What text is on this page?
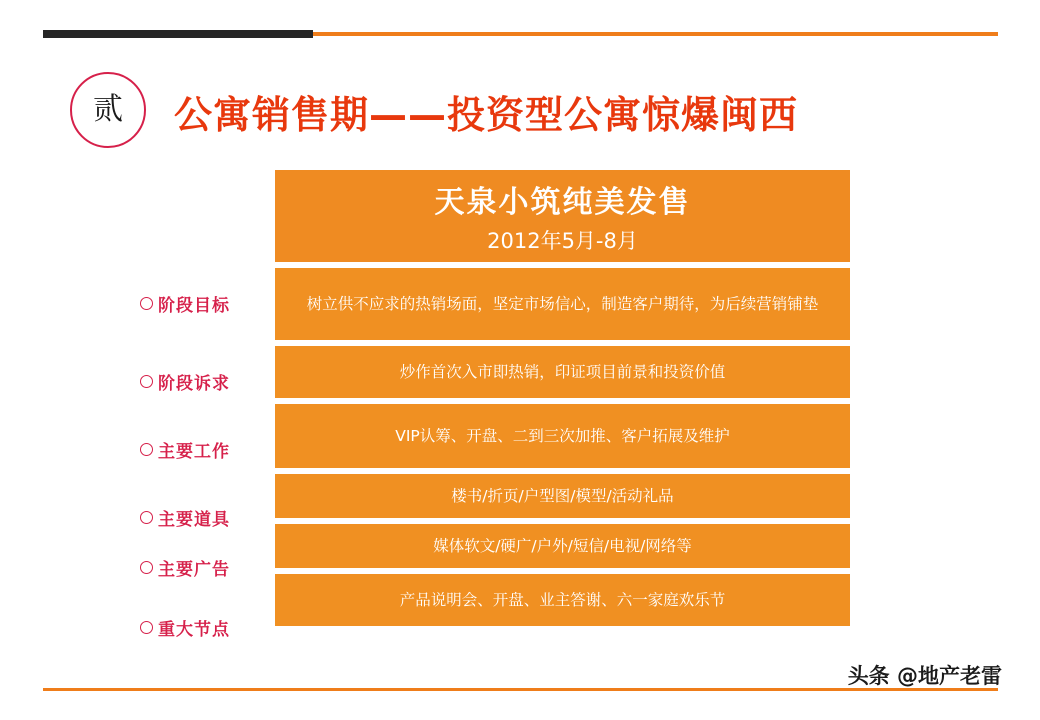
贰 公寓销售期——投资型公寓惊爆闽西
阶段目标
阶段诉求
主要工作
主要道具
主要广告
重大节点
天泉小筑纯美发售
2012年5月-8月
树立供不应求的热销场面，坚定市场信心，制造客户期待，为后续营销铺垫
炒作首次入市即热销，印证项目前景和投资价值
VIP认筹、开盘、二到三次加推、客户拓展及维护
楼书/折页/户型图/模型/活动礼品
媒体软文/硬广/户外/短信/电视/网络等
产品说明会、开盘、业主答谢、六一家庭欢乐节
头条 @地产老雷
